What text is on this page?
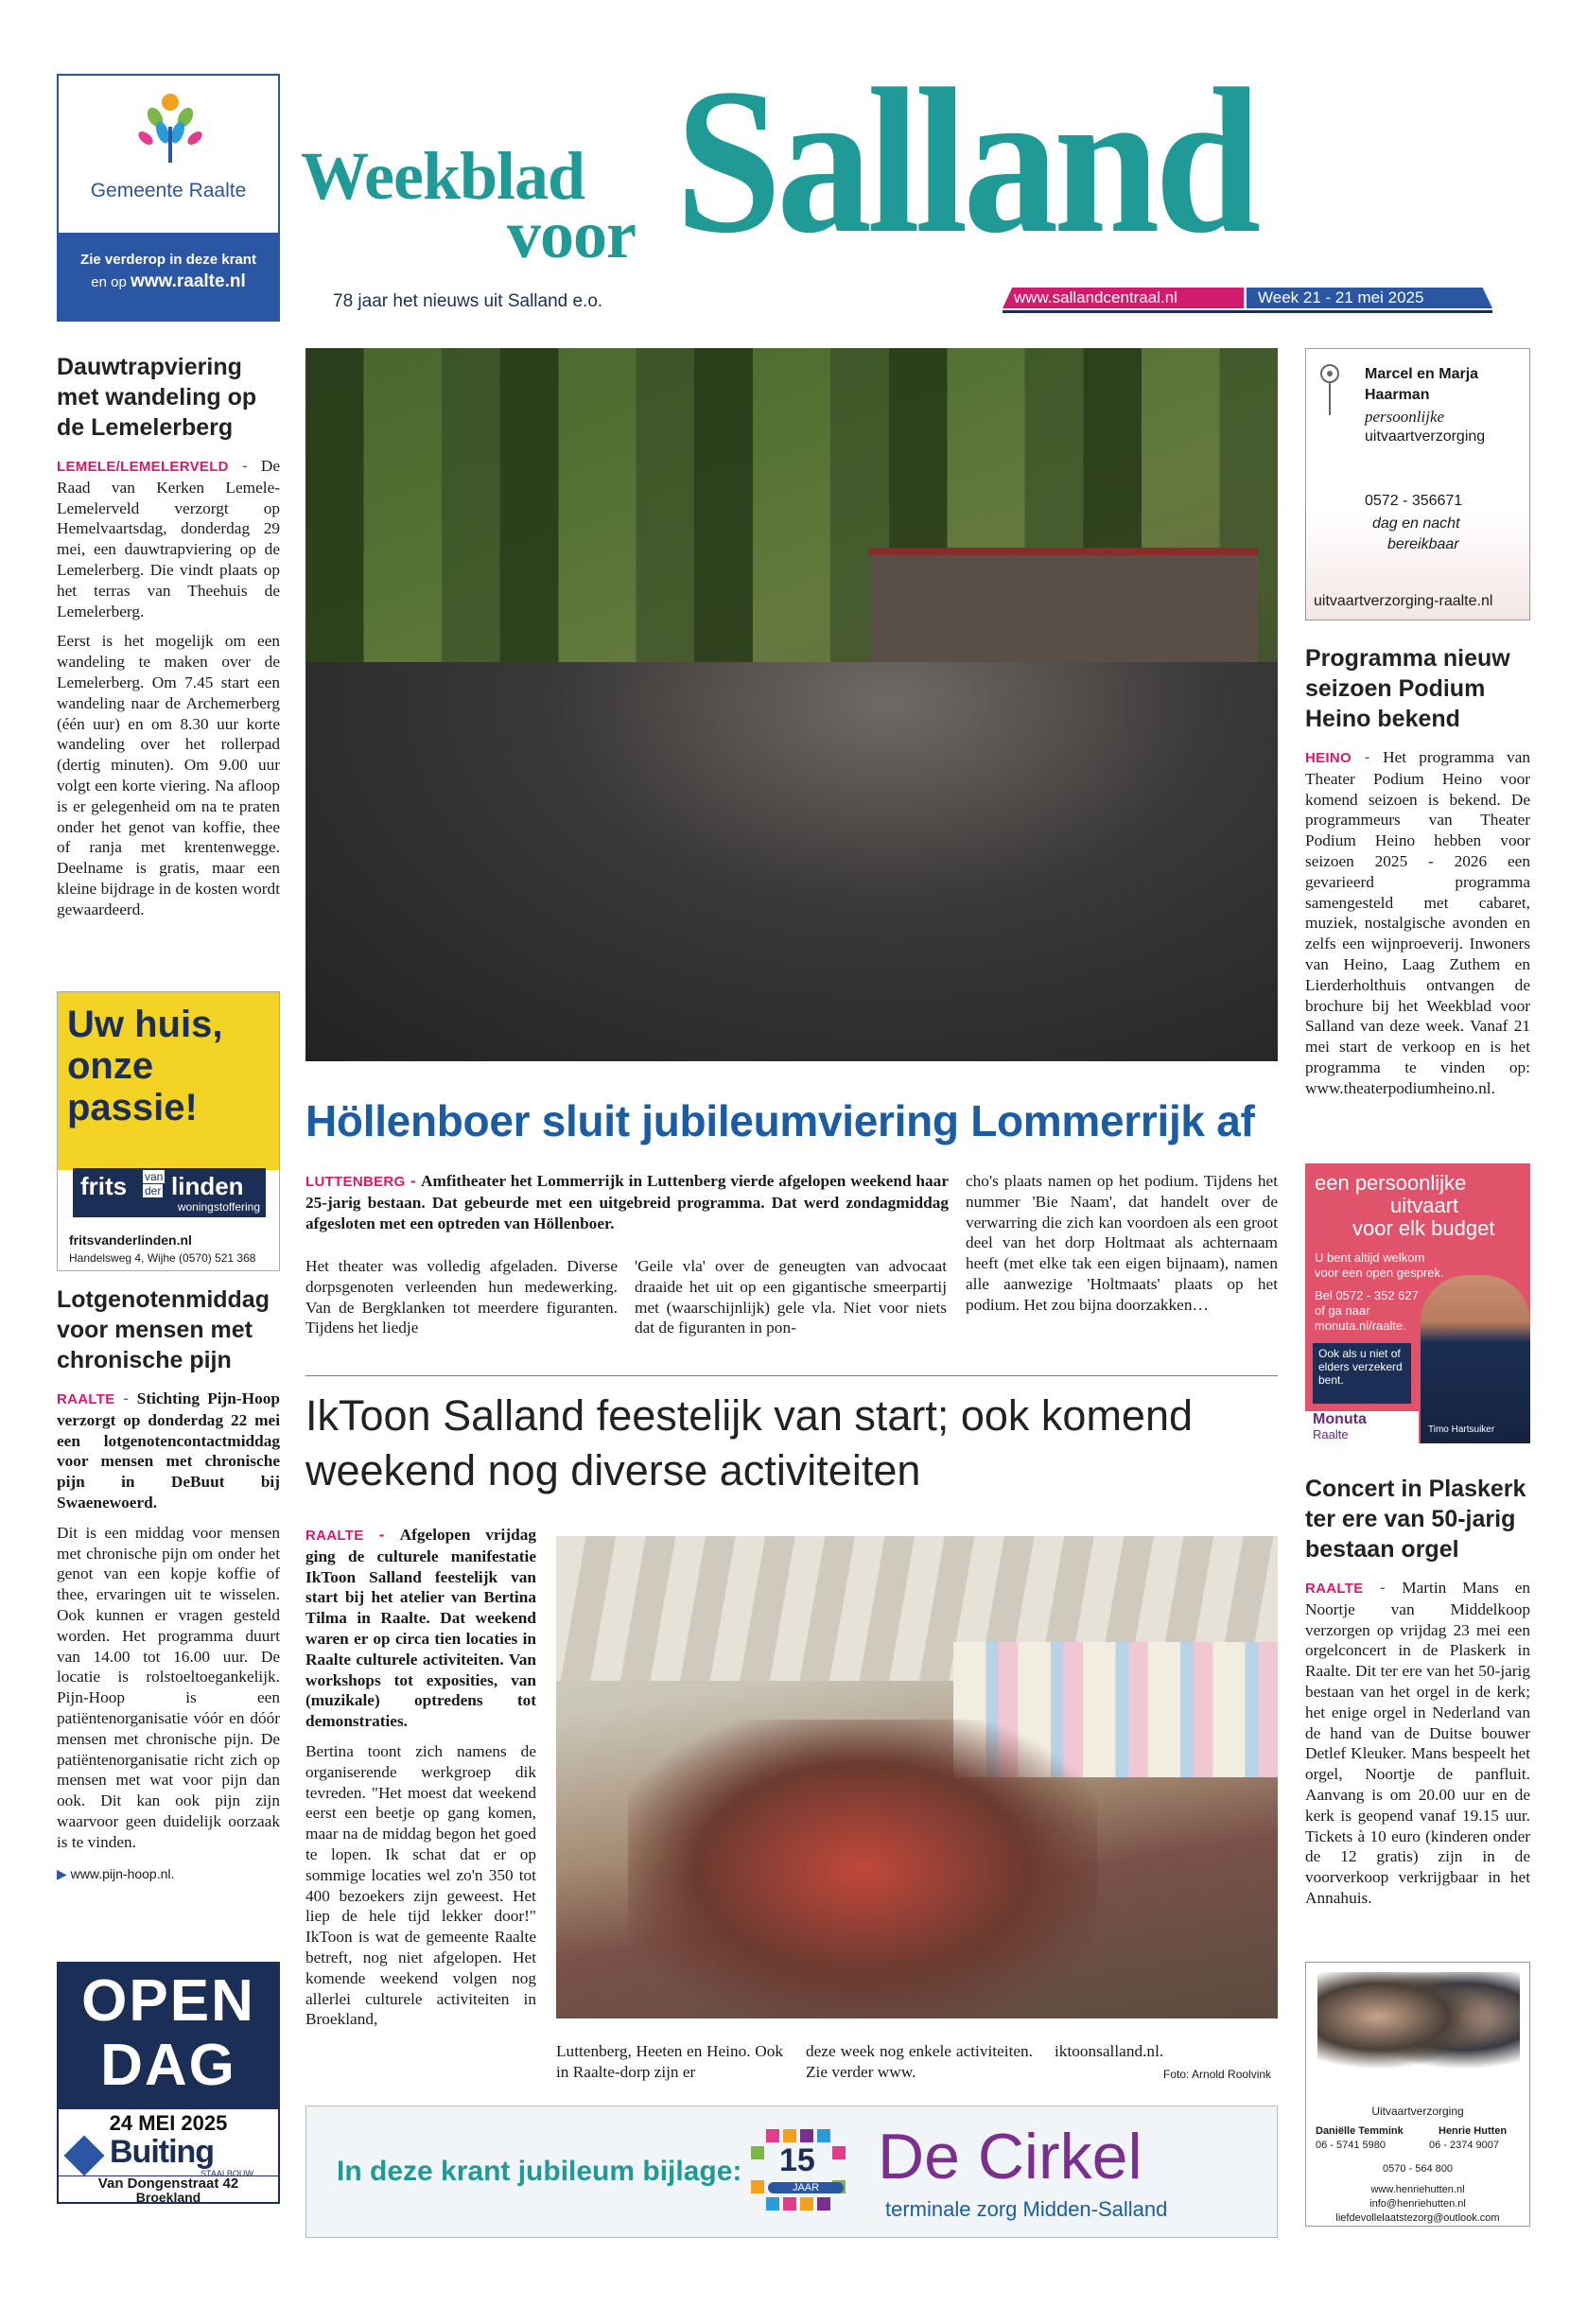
Gemeente Raalte
Zie verderop in deze krant
en op www.raalte.nl
Weekblad
voor Salland
78 jaar het nieuws uit Salland e.o.	www.sallandcentraal.nl	Week 21 - 21 mei 2025
Dauwtrapviering met wandeling op de Lemelerberg
LEMELE/LEMELERVELD - De Raad van Kerken Lemele-Lemelerveld verzorgt op Hemelvaartsdag, donderdag 29 mei, een dauwtrapviering op de Lemelerberg. Die vindt plaats op het terras van Theehuis de Lemelerberg.
Eerst is het mogelijk om een wandeling te maken over de Lemelerberg. Om 7.45 start een wandeling naar de Archemerberg (één uur) en om 8.30 uur korte wandeling over het rollerpad (dertig minuten). Om 9.00 uur volgt een korte viering. Na afloop is er gelegenheid om na te praten onder het genot van koffie, thee of ranja met krentenwegge. Deelname is gratis, maar een kleine bijdrage in de kosten wordt gewaardeerd.
Uw huis, onze passie!
frits van
der linden
woningstoffering
fritsvanderlinden.nl
Handelsweg 4, Wijhe (0570) 521 368
Lotgenotenmiddag voor mensen met chronische pijn
RAALTE - Stichting Pijn-Hoop verzorgt op donderdag 22 mei een lotgenotencontactmiddag voor mensen met chronische pijn in DeBuut bij Swaenewoerd.
Dit is een middag voor mensen met chronische pijn om onder het genot van een kopje koffie of thee, ervaringen uit te wisselen. Ook kunnen er vragen gesteld worden. Het programma duurt van 14.00 tot 16.00 uur. De locatie is rolstoeltoegankelijk. Pijn-Hoop is een patiëntenorganisatie vóór en dóór mensen met chronische pijn. De patiëntenorganisatie richt zich op mensen met wat voor pijn dan ook. Dit kan ook pijn zijn waarvoor geen duidelijk oorzaak is te vinden.
▶ www.pijn-hoop.nl.
OPEN
DAG
24 MEI 2025
Buiting
STAALBOUW
Van Dongenstraat 42
Broekland
Höllenboer sluit jubileumviering Lommerrijk af
LUTTENBERG - Amfitheater het Lommerrijk in Luttenberg vierde afgelopen weekend haar 25-jarig bestaan. Dat gebeurde met een uitgebreid programma. Dat werd zondagmiddag afgesloten met een optreden van Höllenboer.
Het theater was volledig afgeladen. Diverse dorpsgenoten verleenden hun medewerking. Van de Bergklanken tot meerdere figuranten. Tijdens het liedje
'Geile vla' over de geneugten van advocaat draaide het uit op een gigantische smeerpartij met (waarschijnlijk) gele vla. Niet voor niets dat de figuranten in pon-
cho's plaats namen op het podium. Tijdens het nummer 'Bie Naam', dat handelt over de verwarring die zich kan voordoen als een groot deel van het dorp Holtmaat als achternaam heeft (met elke tak een eigen bijnaam), namen alle aanwezige 'Holtmaats' plaats op het podium. Het zou bijna doorzakken…
IkToon Salland feestelijk van start; ook komend weekend nog diverse activiteiten
RAALTE - Afgelopen vrijdag ging de culturele manifestatie IkToon Salland feestelijk van start bij het atelier van Bertina Tilma in Raalte. Dat weekend waren er op circa tien locaties in Raalte culturele activiteiten. Van workshops tot exposities, van (muzikale) optredens tot demonstraties.
Bertina toont zich namens de organiserende werkgroep dik tevreden. "Het moest dat weekend eerst een beetje op gang komen, maar na de middag begon het goed te lopen. Ik schat dat er op sommige locaties wel zo'n 350 tot 400 bezoekers zijn geweest. Het liep de hele tijd lekker door!" IkToon is wat de gemeente Raalte betreft, nog niet afgelopen. Het komende weekend volgen nog allerlei culturele activiteiten in Broekland,
Luttenberg, Heeten en Heino. Ook in Raalte-dorp zijn er
deze week nog enkele activiteiten. Zie verder www.
iktoonsalland.nl.
Foto: Arnold Roolvink
In deze krant jubileum bijlage: 15
JAAR De Cirkel
terminale zorg Midden-Salland
Marcel en Marja
Haarman
persoonlijke
uitvaartverzorging
0572 - 356671
dag en nacht
bereikbaar
uitvaartverzorging-raalte.nl
Programma nieuw seizoen Podium Heino bekend
HEINO - Het programma van Theater Podium Heino voor komend seizoen is bekend. De programmeurs van Theater Podium Heino hebben voor seizoen 2025 - 2026 een gevarieerd programma samengesteld met cabaret, muziek, nostalgische avonden en zelfs een wijnproeverij. Inwoners van Heino, Laag Zuthem en Lierderholthuis ontvangen de brochure bij het Weekblad voor Salland van deze week. Vanaf 21 mei start de verkoop en is het programma te vinden op: www.theaterpodiumheino.nl.
een persoonlijke
uitvaart
voor elk budget
U bent altijd welkom
voor een open gesprek.
Bel 0572 - 352 627
of ga naar
monuta.nl/raalte.
Ook als u niet of
elders verzekerd
bent.
Timo Hartsuiker
Monuta
Raalte
Concert in Plaskerk ter ere van 50-jarig bestaan orgel
RAALTE - Martin Mans en Noortje van Middelkoop verzorgen op vrijdag 23 mei een orgelconcert in de Plaskerk in Raalte. Dit ter ere van het 50-jarig bestaan van het orgel in de kerk; het enige orgel in Nederland van de hand van de Duitse bouwer Detlef Kleuker. Mans bespeelt het orgel, Noortje de panfluit. Aanvang is om 20.00 uur en de kerk is geopend vanaf 19.15 uur. Tickets à 10 euro (kinderen onder de 12 gratis) zijn in de voorverkoop verkrijgbaar in het Annahuis.
Uitvaartverzorging
Daniëlle Temmink
06 - 5741 5980
Henrie Hutten
06 - 2374 9007
0570 - 564 800
www.henriehutten.nl
info@henriehutten.nl
liefdevollelaatstezorg@outlook.com
